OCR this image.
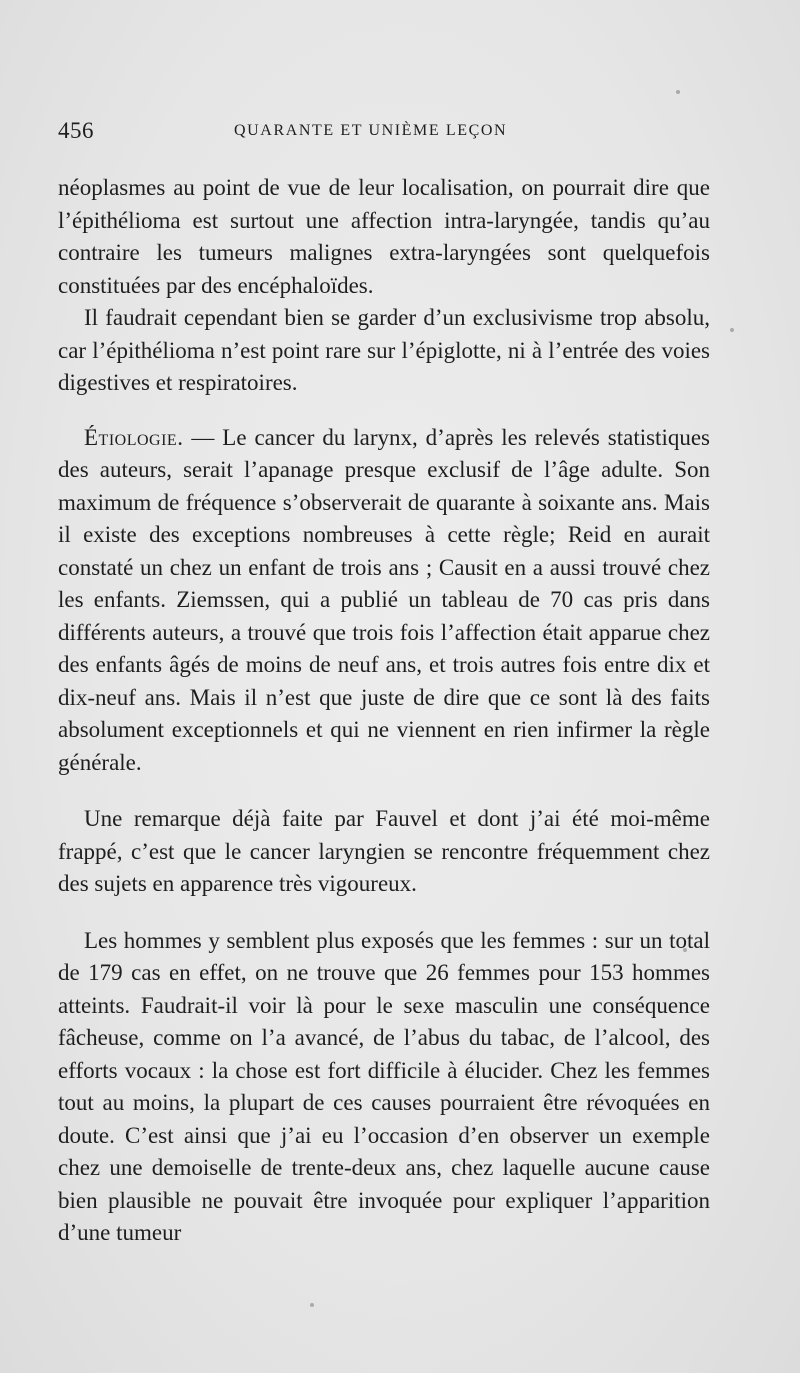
456	QUARANTE ET UNIÈME LEÇON

néoplasmes au point de vue de leur localisation, on pourrait dire que l’épithélioma est surtout une affection intra-laryngée, tandis qu’au contraire les tumeurs malignes extra-laryngées sont quelquefois constituées par des encéphaloïdes.

Il faudrait cependant bien se garder d’un exclusivisme trop absolu, car l’épithélioma n’est point rare sur l’épiglotte, ni à l’entrée des voies digestives et respiratoires.

Étiologie. — Le cancer du larynx, d’après les relevés statistiques des auteurs, serait l’apanage presque exclusif de l’âge adulte. Son maximum de fréquence s’observerait de quarante à soixante ans. Mais il existe des exceptions nombreuses à cette règle; Reid en aurait constaté un chez un enfant de trois ans ; Causit en a aussi trouvé chez les enfants. Ziemssen, qui a publié un tableau de 70 cas pris dans différents auteurs, a trouvé que trois fois l’affection était apparue chez des enfants âgés de moins de neuf ans, et trois autres fois entre dix et dix-neuf ans. Mais il n’est que juste de dire que ce sont là des faits absolument exceptionnels et qui ne viennent en rien infirmer la règle générale.

Une remarque déjà faite par Fauvel et dont j’ai été moi-même frappé, c’est que le cancer laryngien se rencontre fréquemment chez des sujets en apparence très vigoureux.

Les hommes y semblent plus exposés que les femmes : sur un total de 179 cas en effet, on ne trouve que 26 femmes pour 153 hommes atteints. Faudrait-il voir là pour le sexe masculin une conséquence fâcheuse, comme on l’a avancé, de l’abus du tabac, de l’alcool, des efforts vocaux : la chose est fort difficile à élucider. Chez les femmes tout au moins, la plupart de ces causes pourraient être révoquées en doute. C’est ainsi que j’ai eu l’occasion d’en observer un exemple chez une demoiselle de trente-deux ans, chez laquelle aucune cause bien plausible ne pouvait être invoquée pour expliquer l’apparition d’une tumeur
